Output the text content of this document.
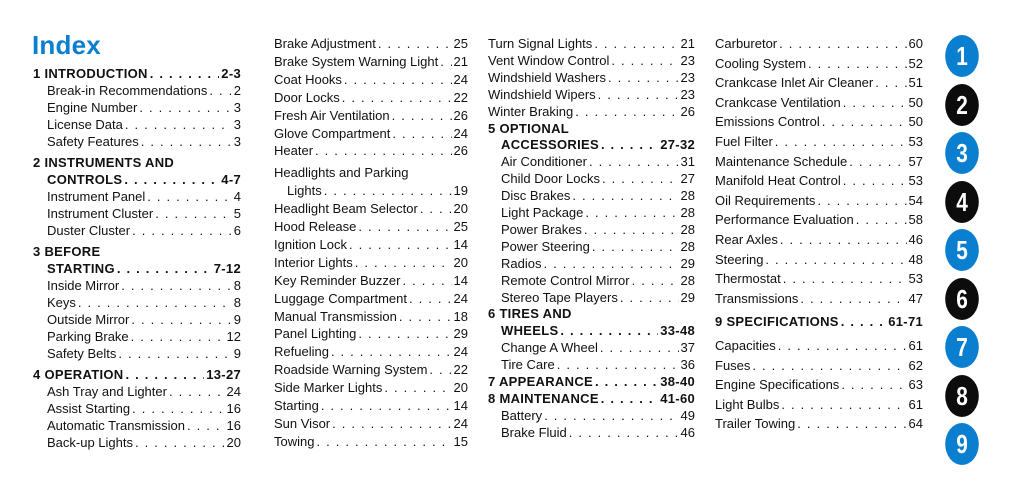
Index
1 INTRODUCTION . . .	2-3
Break-in Recommendations . . . 2
Engine Number . . .	3
License Data . . .	3
Safety Features . . .	3
2 INSTRUMENTS AND
CONTROLS . . .	4-7
Instrument Panel . . .	4
Instrument Cluster . . .	5
Duster Cluster . . .	6
3 BEFORE
STARTING . . .	7-12
Inside Mirror . . .	8
Keys . . .	8
Outside Mirror . . .	9
Parking Brake . . .	12
Safety Belts . . .	9
4 OPERATION . . .	13-27
Ash Tray and Lighter . . .	24
Assist Starting . . .	16
Automatic Transmission . . .	16
Back-up Lights . . .	20
Brake Adjustment . . .	25
Brake System Warning Light . . . 21
Coat Hooks . . .	24
Door Locks . . .	22
Fresh Air Ventilation . . .	26
Glove Compartment . . .	24
Heater . . .	26
Headlights and Parking
Lights . . .	19
Headlight Beam Selector . . .	20
Hood Release . . .	25
Ignition Lock . . .	14
Interior Lights . . .	20
Key Reminder Buzzer . . .	14
Luggage Compartment . . .	24
Manual Transmission . . .	18
Panel Lighting . . .	29
Refueling . . .	24
Roadside Warning System . . . 22
Side Marker Lights . . .	20
Starting . . .	14
Sun Visor . . .	24
Towing . . .	15
Turn Signal Lights . . .	21
Vent Window Control . . .	23
Windshield Washers . . .	23
Windshield Wipers . . .	23
Winter Braking . . .	26
5 OPTIONAL
ACCESSORIES . . .	27-32
Air Conditioner . . .	31
Child Door Locks . . .	27
Disc Brakes . . .	28
Light Package . . .	28
Power Brakes . . .	28
Power Steering . . .	28
Radios . . .	29
Remote Control Mirror . . .	28
Stereo Tape Players . . .	29
6 TIRES AND
WHEELS . . .	33-48
Change A Wheel . . .	37
Tire Care . . .	36
7 APPEARANCE . . .	38-40
8 MAINTENANCE . . .	41-60
Battery . . .	49
Brake Fluid . . .	46
Carburetor . . .	60
Cooling System . . .	52
Crankcase Inlet Air Cleaner . . .	51
Crankcase Ventilation . . .	50
Emissions Control . . .	50
Fuel Filter . . .	53
Maintenance Schedule . . .	57
Manifold Heat Control . . .	53
Oil Requirements . . .	54
Performance Evaluation . . .	58
Rear Axles . . .	46
Steering . . .	48
Thermostat . . .	53
Transmissions . . .	47
9 SPECIFICATIONS . . .	61-71
Capacities . . .	61
Fuses . . .	62
Engine Specifications . . .	63
Light Bulbs . . .	61
Trailer Towing . . .	64
1
2
3
4
5
6
7
8
9
